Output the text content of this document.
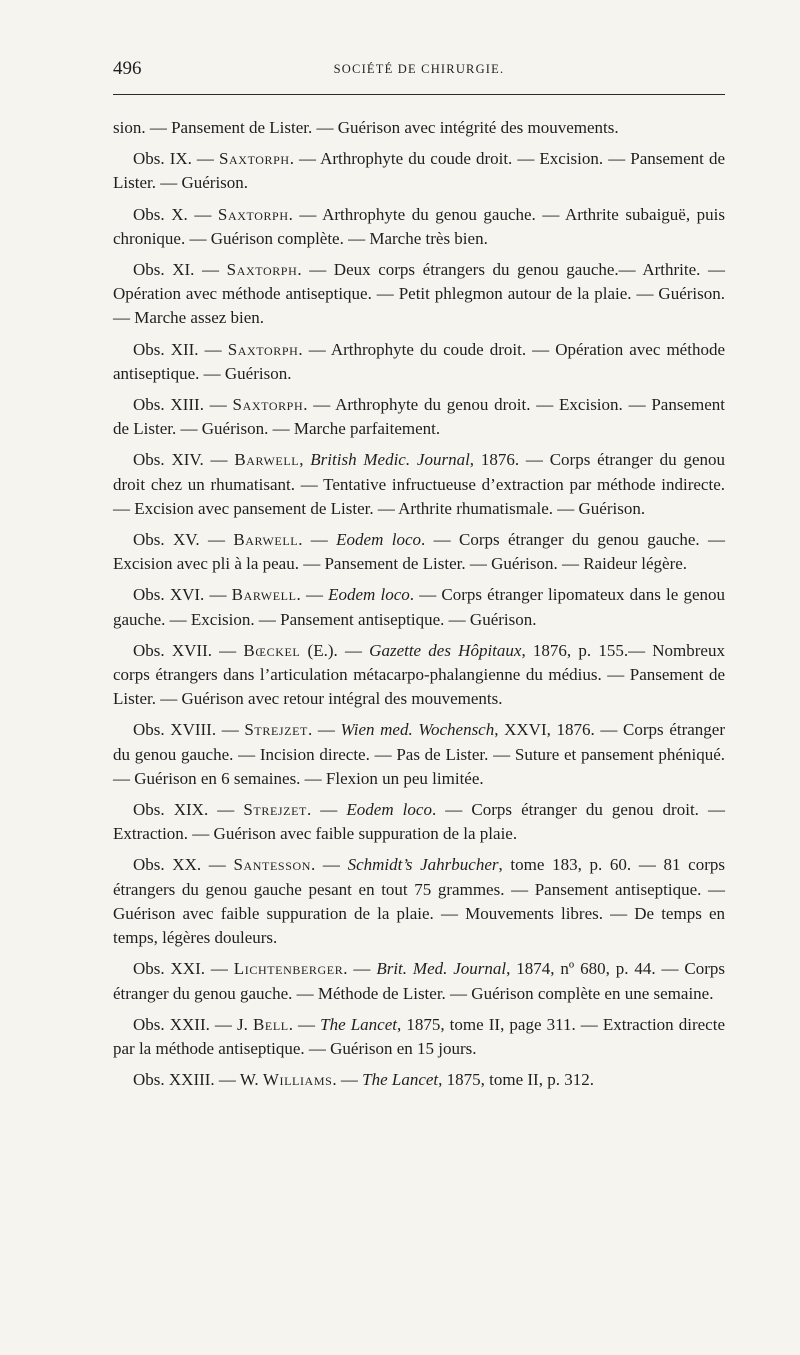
496	SOCIÉTÉ DE CHIRURGIE.

sion. — Pansement de Lister. — Guérison avec intégrité des mouvements.

Obs. IX. — Saxtorph. — Arthrophyte du coude droit. — Excision. — Pansement de Lister. — Guérison.

Obs. X. — Saxtorph. — Arthrophyte du genou gauche. — Arthrite subaiguë, puis chronique. — Guérison complète. — Marche très bien.

Obs. XI. — Saxtorph. — Deux corps étrangers du genou gauche.— Arthrite. — Opération avec méthode antiseptique. — Petit phlegmon autour de la plaie. — Guérison. — Marche assez bien.

Obs. XII. — Saxtorph. — Arthrophyte du coude droit. — Opération avec méthode antiseptique. — Guérison.

Obs. XIII. — Saxtorph. — Arthrophyte du genou droit. — Excision. — Pansement de Lister. — Guérison. — Marche parfaitement.

Obs. XIV. — Barwell, British Medic. Journal, 1876. — Corps étranger du genou droit chez un rhumatisant. — Tentative infructueuse d’extraction par méthode indirecte. — Excision avec pansement de Lister. — Arthrite rhumatismale. — Guérison.

Obs. XV. — Barwell. — Eodem loco. — Corps étranger du genou gauche. — Excision avec pli à la peau. — Pansement de Lister. — Guérison. — Raideur légère.

Obs. XVI. — Barwell. — Eodem loco. — Corps étranger lipomateux dans le genou gauche. — Excision. — Pansement antiseptique. — Guérison.

Obs. XVII. — Bœckel (E.). — Gazette des Hôpitaux, 1876, p. 155.— Nombreux corps étrangers dans l’articulation métacarpo-phalangienne du médius. — Pansement de Lister. — Guérison avec retour intégral des mouvements.

Obs. XVIII. — Strejzet. — Wien med. Wochensch, XXVI, 1876. — Corps étranger du genou gauche. — Incision directe. — Pas de Lister. — Suture et pansement phéniqué. — Guérison en 6 semaines. — Flexion un peu limitée.

Obs. XIX. — Strejzet. — Eodem loco. — Corps étranger du genou droit. — Extraction. — Guérison avec faible suppuration de la plaie.

Obs. XX. — Santesson. — Schmidt’s Jahrbucher, tome 183, p. 60. — 81 corps étrangers du genou gauche pesant en tout 75 grammes. — Pansement antiseptique. — Guérison avec faible suppuration de la plaie. — Mouvements libres. — De temps en temps, légères douleurs.

Obs. XXI. — Lichtenberger. — Brit. Med. Journal, 1874, nº 680, p. 44. — Corps étranger du genou gauche. — Méthode de Lister. — Guérison complète en une semaine.

Obs. XXII. — J. Bell. — The Lancet, 1875, tome II, page 311. — Extraction directe par la méthode antiseptique. — Guérison en 15 jours.

Obs. XXIII. — W. Williams. — The Lancet, 1875, tome II, p. 312.
